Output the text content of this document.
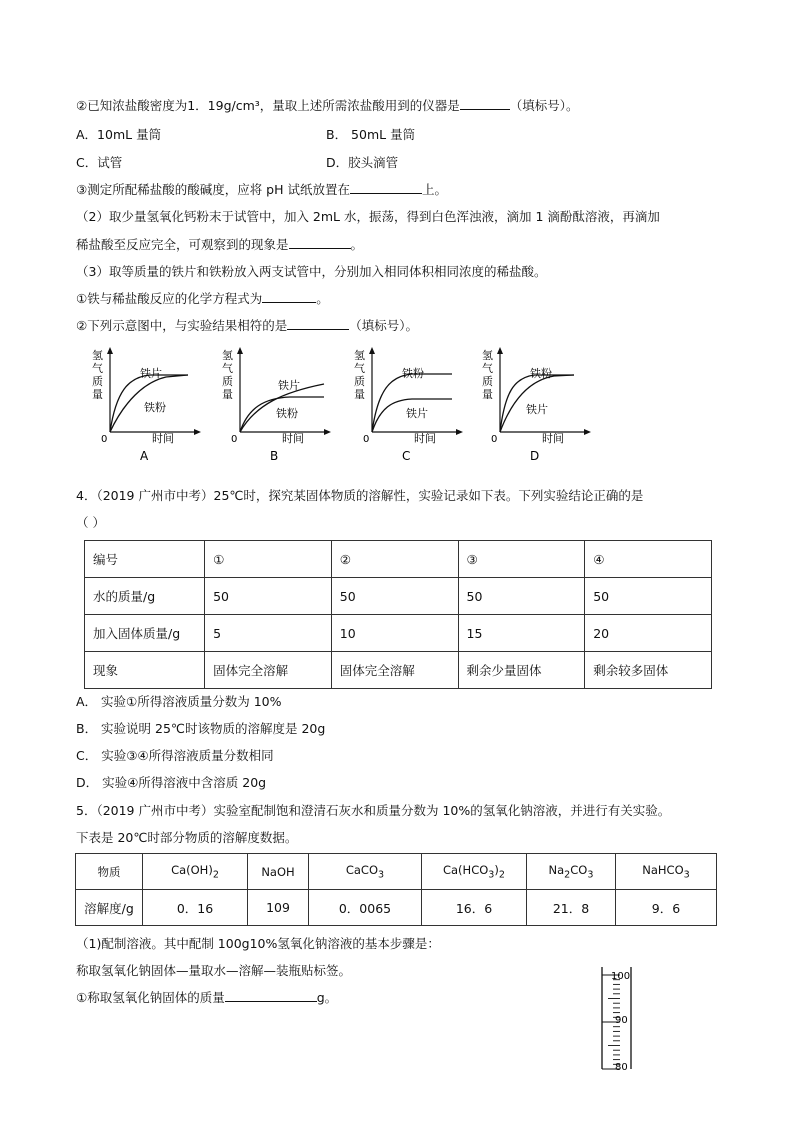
②已知浓盐酸密度为1．19g/cm³，量取上述所需浓盐酸用到的仪器是	（填标号）。
A．10mL 量筒	B． 50mL 量筒
C．试管	D．胶头滴管
③测定所配稀盐酸的酸碱度，应将 pH 试纸放置在	上。
（2）取少量氢氧化钙粉末于试管中，加入 2mL 水，振荡，得到白色浑浊液，滴加 1 滴酚酞溶液，再滴加
稀盐酸至反应完全，可观察到的现象是	。
（3）取等质量的铁片和铁粉放入两支试管中，分别加入相同体积相同浓度的稀盐酸。
①铁与稀盐酸反应的化学方程式为	。
②下列示意图中，与实验结果相符的是	（填标号）。
氢
气
质
量
0	时间
A
铁片
铁粉
氢
气
质
量
0	时间
B
铁片
铁粉
氢
气
质
量
0	时间
C
铁粉
铁片
氢
气
质
量
0	时间
D
铁粉
铁片
4．（2019 广州市中考）25℃时，探究某固体物质的溶解性，实验记录如下表。下列实验结论正确的是
（ ）
编号	①	②	③	④
水的质量/g	50	50	50	50
加入固体质量/g	5	10	15	20
现象	固体完全溶解	固体完全溶解	剩余少量固体	剩余较多固体
A． 实验①所得溶液质量分数为 10%
B． 实验说明 25℃时该物质的溶解度是 20g
C． 实验③④所得溶液质量分数相同
D． 实验④所得溶液中含溶质 20g
5．（2019 广州市中考）实验室配制饱和澄清石灰水和质量分数为 10%的氢氧化钠溶液，并进行有关实验。
下表是 20℃时部分物质的溶解度数据。
物质	$Ca(OH)_2$	NaOH	CaCO$_3$	$Ca(HCO_3)_2$	$Na_2CO_3$	NaHCO$_3$
溶解度/g	0．16	109	0．0065	16．6	21．8	9．6
（1)配制溶液。其中配制 100g10%氢氧化钠溶液的基本步骤是：
称取氢氧化钠固体—量取水—溶解—装瓶贴标签。
①称取氢氧化钠固体的质量	g。
100
90
80
